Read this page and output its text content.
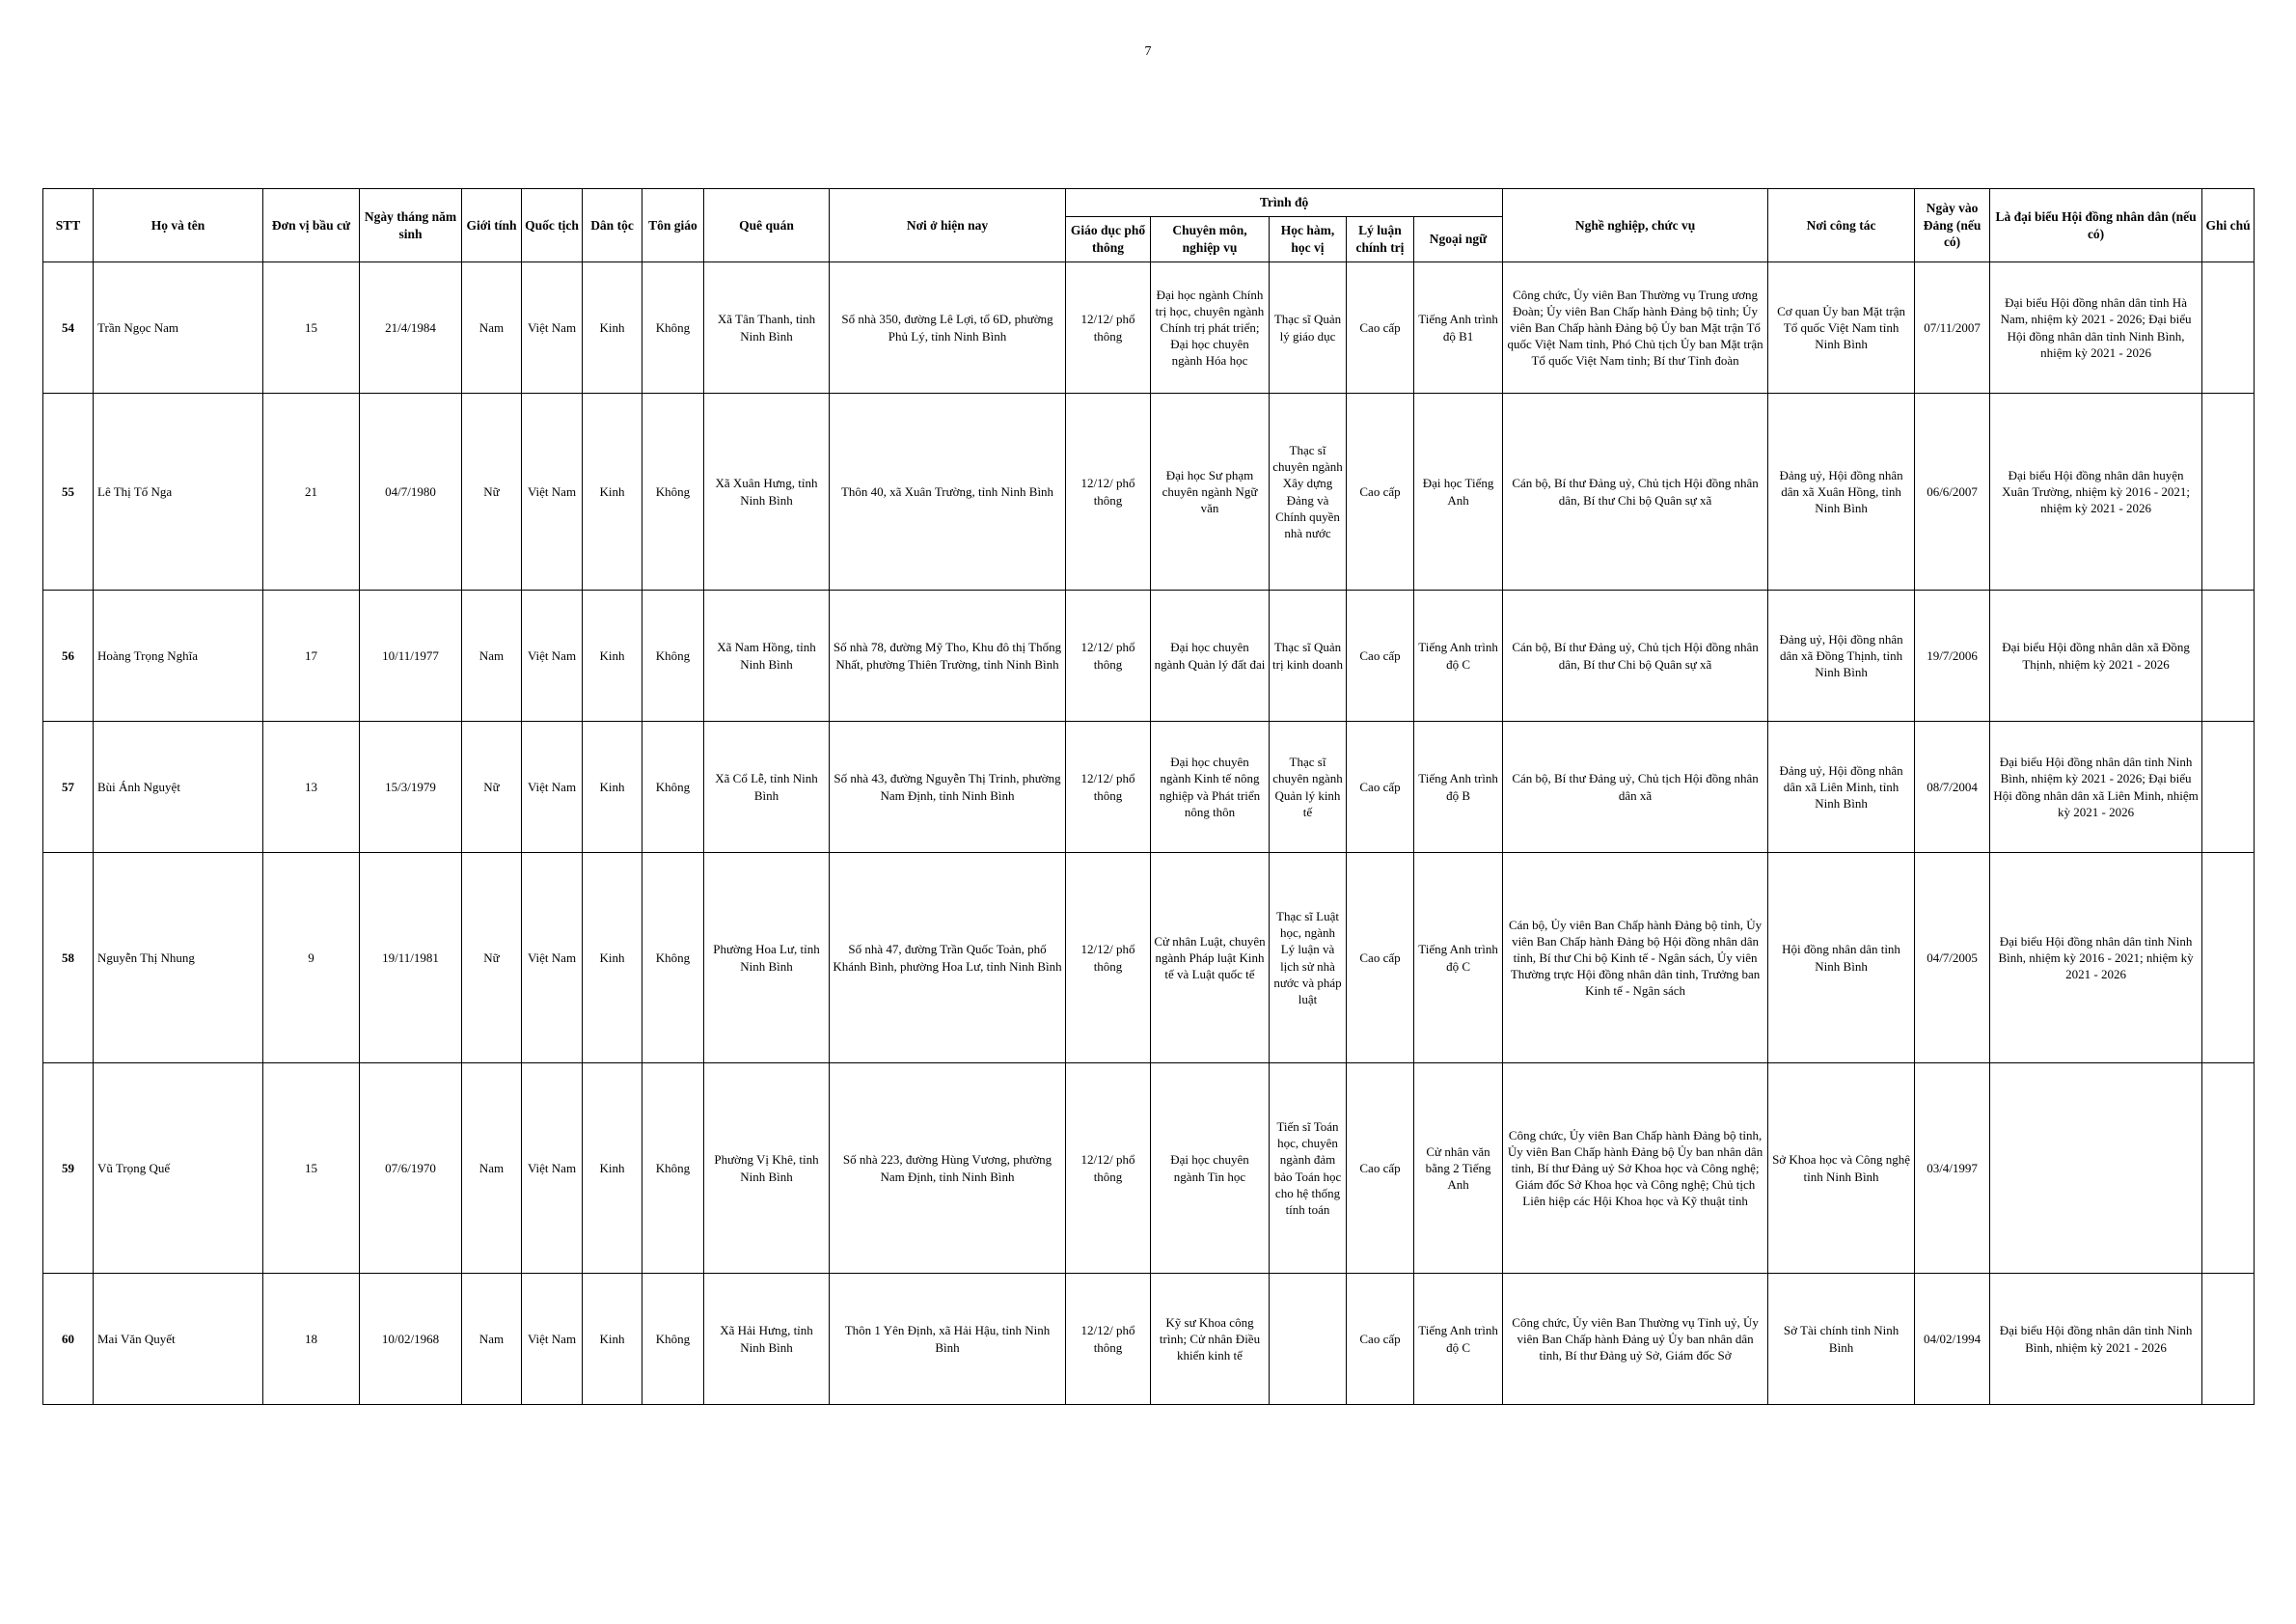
7
STT	Họ và tên	Đơn vị bầu cử	Ngày tháng năm sinh	Giới tính	Quốc tịch	Dân tộc	Tôn giáo	Quê quán	Nơi ở hiện nay	Trình độ					Nghề nghiệp, chức vụ	Nơi công tác	Ngày vào Đảng (nếu có)	Là đại biểu Hội đồng nhân dân (nếu có)	Ghi chú
										Giáo dục phổ thông	Chuyên môn, nghiệp vụ	Học hàm, học vị	Lý luận chính trị	Ngoại ngữ					
54	Trần Ngọc Nam	15	21/4/1984	Nam	Việt Nam	Kinh	Không	Xã Tân Thanh, tỉnh Ninh Bình	Số nhà 350, đường Lê Lợi, tổ 6D, phường Phủ Lý, tỉnh Ninh Bình	12/12/ phổ thông	Đại học ngành Chính trị học, chuyên ngành Chính trị phát triển; Đại học chuyên ngành Hóa học	Thạc sĩ Quản lý giáo dục	Cao cấp	Tiếng Anh trình độ B1	Công chức, Ủy viên Ban Thường vụ Trung ương Đoàn; Ủy viên Ban Chấp hành Đảng bộ tỉnh; Ủy viên Ban Chấp hành Đảng bộ Ủy ban Mặt trận Tổ quốc Việt Nam tỉnh, Phó Chủ tịch Ủy ban Mặt trận Tổ quốc Việt Nam tỉnh; Bí thư Tỉnh đoàn	Cơ quan Ủy ban Mặt trận Tổ quốc Việt Nam tỉnh Ninh Bình	07/11/2007	Đại biểu Hội đồng nhân dân tỉnh Hà Nam, nhiệm kỳ 2021 - 2026; Đại biểu Hội đồng nhân dân tỉnh Ninh Bình, nhiệm kỳ 2021 - 2026	
55	Lê Thị Tố Nga	21	04/7/1980	Nữ	Việt Nam	Kinh	Không	Xã Xuân Hưng, tỉnh Ninh Bình	Thôn 40, xã Xuân Trường, tỉnh Ninh Bình	12/12/ phổ thông	Đại học Sư phạm chuyên ngành Ngữ văn	Thạc sĩ chuyên ngành Xây dựng Đảng và Chính quyền nhà nước	Cao cấp	Đại học Tiếng Anh	Cán bộ, Bí thư Đảng uỷ, Chủ tịch Hội đồng nhân dân, Bí thư Chi bộ Quân sự xã	Đảng uỷ, Hội đồng nhân dân xã Xuân Hồng, tỉnh Ninh Bình	06/6/2007	Đại biểu Hội đồng nhân dân huyện Xuân Trường, nhiệm kỳ 2016 - 2021; nhiệm kỳ 2021 - 2026	
56	Hoàng Trọng Nghĩa	17	10/11/1977	Nam	Việt Nam	Kinh	Không	Xã Nam Hồng, tỉnh Ninh Bình	Số nhà 78, đường Mỹ Tho, Khu đô thị Thống Nhất, phường Thiên Trường, tỉnh Ninh Bình	12/12/ phổ thông	Đại học chuyên ngành Quản lý đất đai	Thạc sĩ Quản trị kinh doanh	Cao cấp	Tiếng Anh trình độ C	Cán bộ, Bí thư Đảng uỷ, Chủ tịch Hội đồng nhân dân, Bí thư Chi bộ Quân sự xã	Đảng uỷ, Hội đồng nhân dân xã Đồng Thịnh, tỉnh Ninh Bình	19/7/2006	Đại biểu Hội đồng nhân dân xã Đồng Thịnh, nhiệm kỳ 2021 - 2026	
57	Bùi Ánh Nguyệt	13	15/3/1979	Nữ	Việt Nam	Kinh	Không	Xã Cổ Lễ, tỉnh Ninh Bình	Số nhà 43, đường Nguyễn Thị Trinh, phường Nam Định, tỉnh Ninh Bình	12/12/ phổ thông	Đại học chuyên ngành Kinh tế nông nghiệp và Phát triển nông thôn	Thạc sĩ chuyên ngành Quản lý kinh tế	Cao cấp	Tiếng Anh trình độ B	Cán bộ, Bí thư Đảng uỷ, Chủ tịch Hội đồng nhân dân xã	Đảng uỷ, Hội đồng nhân dân xã Liên Minh, tỉnh Ninh Bình	08/7/2004	Đại biểu Hội đồng nhân dân tỉnh Ninh Bình, nhiệm kỳ 2021 - 2026; Đại biểu Hội đồng nhân dân xã Liên Minh, nhiệm kỳ 2021 - 2026	
58	Nguyễn Thị Nhung	9	19/11/1981	Nữ	Việt Nam	Kinh	Không	Phường Hoa Lư, tỉnh Ninh Bình	Số nhà 47, đường Trần Quốc Toản, phố Khánh Bình, phường Hoa Lư, tỉnh Ninh Bình	12/12/ phổ thông	Cử nhân Luật, chuyên ngành Pháp luật Kinh tế và Luật quốc tế	Thạc sĩ Luật học, ngành Lý luận và lịch sử nhà nước và pháp luật	Cao cấp	Tiếng Anh trình độ C	Cán bộ, Ủy viên Ban Chấp hành Đảng bộ tỉnh, Ủy viên Ban Chấp hành Đảng bộ Hội đồng nhân dân tỉnh, Bí thư Chi bộ Kinh tế - Ngân sách, Ủy viên Thường trực Hội đồng nhân dân tỉnh, Trưởng ban Kinh tế - Ngân sách	Hội đồng nhân dân tỉnh Ninh Bình	04/7/2005	Đại biểu Hội đồng nhân dân tỉnh Ninh Bình, nhiệm kỳ 2016 - 2021; nhiệm kỳ 2021 - 2026	
59	Vũ Trọng Quế	15	07/6/1970	Nam	Việt Nam	Kinh	Không	Phường Vị Khê, tỉnh Ninh Bình	Số nhà 223, đường Hùng Vương, phường Nam Định, tỉnh Ninh Bình	12/12/ phổ thông	Đại học chuyên ngành Tin học	Tiến sĩ Toán học, chuyên ngành đảm bảo Toán học cho hệ thống tính toán	Cao cấp	Cử nhân văn bằng 2 Tiếng Anh	Công chức, Ủy viên Ban Chấp hành Đảng bộ tỉnh, Ủy viên Ban Chấp hành Đảng bộ Ủy ban nhân dân tỉnh, Bí thư Đảng uỷ Sở Khoa học và Công nghệ; Giám đốc Sở Khoa học và Công nghệ; Chủ tịch Liên hiệp các Hội Khoa học và Kỹ thuật tỉnh	Sở Khoa học và Công nghệ tỉnh Ninh Bình	03/4/1997		
60	Mai Văn Quyết	18	10/02/1968	Nam	Việt Nam	Kinh	Không	Xã Hải Hưng, tỉnh Ninh Bình	Thôn 1 Yên Định, xã Hải Hậu, tỉnh Ninh Bình	12/12/ phổ thông	Kỹ sư Khoa công trình; Cử nhân Điều khiển kinh tế		Cao cấp	Tiếng Anh trình độ C	Công chức, Ủy viên Ban Thường vụ Tỉnh uỷ, Ủy viên Ban Chấp hành Đảng uỷ Ủy ban nhân dân tỉnh, Bí thư Đảng uỷ Sở, Giám đốc Sở	Sở Tài chính tỉnh Ninh Bình	04/02/1994	Đại biểu Hội đồng nhân dân tỉnh Ninh Bình, nhiệm kỳ 2021 - 2026	
